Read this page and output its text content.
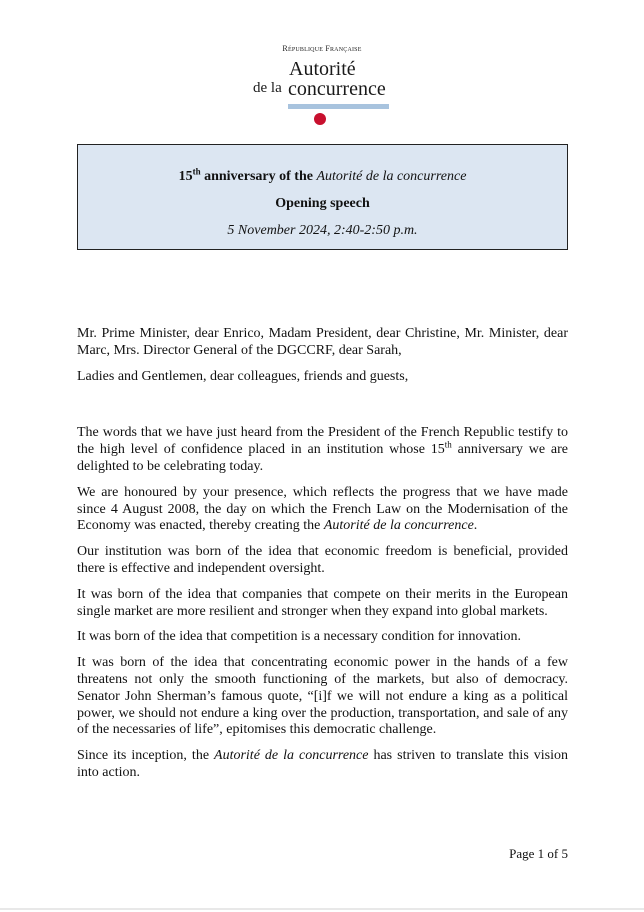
République Française
Autorité
de la concurrence
15th anniversary of the Autorité de la concurrence
Opening speech
5 November 2024, 2:40-2:50 p.m.

Mr. Prime Minister, dear Enrico, Madam President, dear Christine, Mr. Minister, dear Marc, Mrs. Director General of the DGCCRF, dear Sarah,

Ladies and Gentlemen, dear colleagues, friends and guests,

The words that we have just heard from the President of the French Republic testify to the high level of confidence placed in an institution whose 15th anniversary we are delighted to be celebrating today.

We are honoured by your presence, which reflects the progress that we have made since 4 August 2008, the day on which the French Law on the Modernisation of the Economy was enacted, thereby creating the Autorité de la concurrence.

Our institution was born of the idea that economic freedom is beneficial, provided there is effective and independent oversight.

It was born of the idea that companies that compete on their merits in the European single market are more resilient and stronger when they expand into global markets.

It was born of the idea that competition is a necessary condition for innovation.

It was born of the idea that concentrating economic power in the hands of a few threatens not only the smooth functioning of the markets, but also of democracy. Senator John Sherman’s famous quote, “[i]f we will not endure a king as a political power, we should not endure a king over the production, transportation, and sale of any of the necessaries of life”, epitomises this democratic challenge.

Since its inception, the Autorité de la concurrence has striven to translate this vision into action.

Page 1 of 5
